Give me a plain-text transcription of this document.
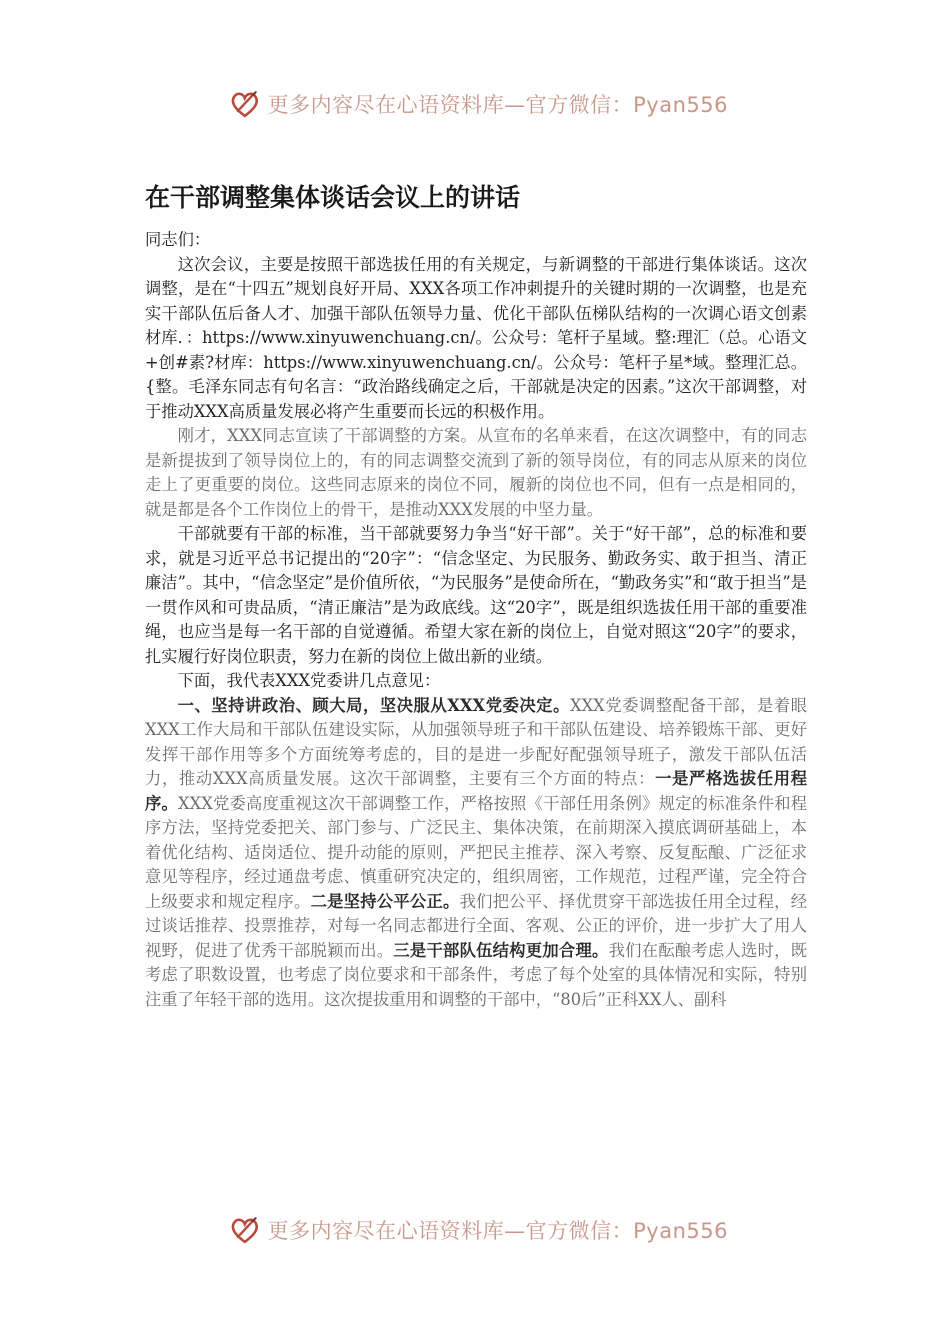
更多内容尽在心语资料库—官方微信：Pyan556
在干部调整集体谈话会议上的讲话

同志们：

这次会议，主要是按照干部选拔任用的有关规定，与新调整的干部进行集体谈话。这次调整，是在“十四五”规划良好开局、XXX各项工作冲刺提升的关键时期的一次调整，也是充实干部队伍后备人才、加强干部队伍领导力量、优化干部队伍梯队结构的一次调心语文创素材库．：https://www.xinyuwenchuang.cn/。公众号：笔杆子星域。整:理汇（总。心语文+创#素?材库：https://www.xinyuwenchuang.cn/。公众号：笔杆子星*域。整理汇总。{整。毛泽东同志有句名言：“政治路线确定之后，干部就是决定的因素。”这次干部调整，对于推动XXX高质量发展必将产生重要而长远的积极作用。

刚才，XXX同志宣读了干部调整的方案。从宣布的名单来看，在这次调整中，有的同志是新提拔到了领导岗位上的，有的同志调整交流到了新的领导岗位，有的同志从原来的岗位走上了更重要的岗位。这些同志原来的岗位不同，履新的岗位也不同，但有一点是相同的，就是都是各个工作岗位上的骨干，是推动XXX发展的中坚力量。

干部就要有干部的标准，当干部就要努力争当“好干部”。关于“好干部”，总的标准和要求，就是习近平总书记提出的“20字”：“信念坚定、为民服务、勤政务实、敢于担当、清正廉洁”。其中，“信念坚定”是价值所依，“为民服务”是使命所在，“勤政务实”和“敢于担当”是一贯作风和可贵品质，“清正廉洁”是为政底线。这“20字”，既是组织选拔任用干部的重要准绳，也应当是每一名干部的自觉遵循。希望大家在新的岗位上，自觉对照这“20字”的要求，扎实履行好岗位职责，努力在新的岗位上做出新的业绩。

下面，我代表XXX党委讲几点意见：

一、坚持讲政治、顾大局，坚决服从XXX党委决定。XXX党委调整配备干部，是着眼XXX工作大局和干部队伍建设实际，从加强领导班子和干部队伍建设、培养锻炼干部、更好发挥干部作用等多个方面统筹考虑的，目的是进一步配好配强领导班子，激发干部队伍活力，推动XXX高质量发展。这次干部调整，主要有三个方面的特点：一是严格选拔任用程序。XXX党委高度重视这次干部调整工作，严格按照《干部任用条例》规定的标准条件和程序方法，坚持党委把关、部门参与、广泛民主、集体决策，在前期深入摸底调研基础上，本着优化结构、适岗适位、提升动能的原则，严把民主推荐、深入考察、反复酝酿、广泛征求意见等程序，经过通盘考虑、慎重研究决定的，组织周密，工作规范，过程严谨，完全符合上级要求和规定程序。二是坚持公平公正。我们把公平、择优贯穿干部选拔任用全过程，经过谈话推荐、投票推荐，对每一名同志都进行全面、客观、公正的评价，进一步扩大了用人视野，促进了优秀干部脱颖而出。三是干部队伍结构更加合理。我们在酝酿考虑人选时，既考虑了职数设置，也考虑了岗位要求和干部条件，考虑了每个处室的具体情况和实际，特别注重了年轻干部的选用。这次提拔重用和调整的干部中，“80后”正科XX人、副科

更多内容尽在心语资料库—官方微信：Pyan556
